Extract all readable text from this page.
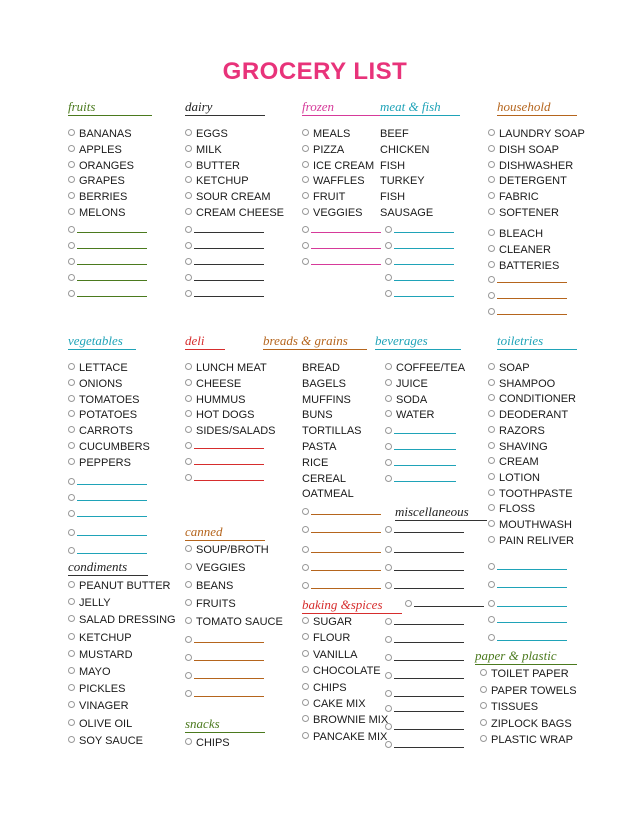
GROCERY LIST
fruits
BANANAS
APPLES
ORANGES
GRAPES
BERRIES
MELONS
dairy
EGGS
MILK
BUTTER
KETCHUP
SOUR CREAM
CREAM CHEESE
frozen
MEALS
PIZZA
ICE CREAM
WAFFLES
FRUIT
VEGGIES
meat & fish
BEEF
CHICKEN
FISH
TURKEY
FISH
SAUSAGE
household
LAUNDRY SOAP
DISH SOAP
DISHWASHER
DETERGENT
FABRIC
SOFTENER
BLEACH
CLEANER
BATTERIES
vegetables
LETTACE
ONIONS
TOMATOES
POTATOES
CARROTS
CUCUMBERS
PEPPERS
deli
LUNCH MEAT
CHEESE
HUMMUS
HOT DOGS
SIDES/SALADS
breads & grains
BREAD
BAGELS
MUFFINS
BUNS
TORTILLAS
PASTA
RICE
CEREAL
OATMEAL
beverages
COFFEE/TEA
JUICE
SODA
WATER
miscellaneous
toiletries
SOAP
SHAMPOO
CONDITIONER
DEODERANT
RAZORS
SHAVING
CREAM
LOTION
TOOTHPASTE
FLOSS
MOUTHWASH
PAIN RELIVER
canned
SOUP/BROTH
VEGGIES
BEANS
FRUITS
TOMATO SAUCE
condiments
PEANUT BUTTER
JELLY
SALAD DRESSING
KETCHUP
MUSTARD
MAYO
PICKLES
VINAGER
OLIVE OIL
SOY SAUCE
baking &spices
SUGAR
FLOUR
VANILLA
CHOCOLATE
CHIPS
CAKE MIX
BROWNIE MIX
PANCAKE MIX
paper & plastic
TOILET PAPER
PAPER TOWELS
TISSUES
ZIPLOCK BAGS
PLASTIC WRAP
snacks
CHIPS
